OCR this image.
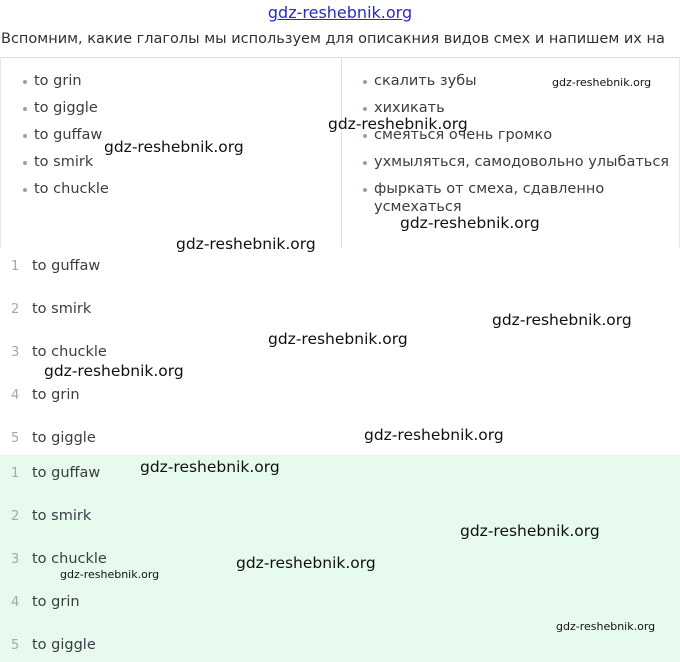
gdz-reshebnik.org
Вспомним, какие глаголы мы используем для описакния видов смех и напишем их на
to grin
to giggle
to guffaw
to smirk
to chuckle
скалить зубы
хихикать
смеяться очень громко
ухмыляться, самодовольно улыбаться
фыркать от смеха, сдавленно усмехаться
1 to guffaw
2 to smirk
3 to chuckle
4 to grin
5 to giggle
1 to guffaw
2 to smirk
3 to chuckle
4 to grin
5 to giggle
gdz-reshebnik.org
gdz-reshebnik.org
gdz-reshebnik.org
gdz-reshebnik.org
gdz-reshebnik.org
gdz-reshebnik.org
gdz-reshebnik.org
gdz-reshebnik.org
gdz-reshebnik.org
gdz-reshebnik.org
gdz-reshebnik.org
gdz-reshebnik.org
gdz-reshebnik.org
gdz-reshebnik.org
